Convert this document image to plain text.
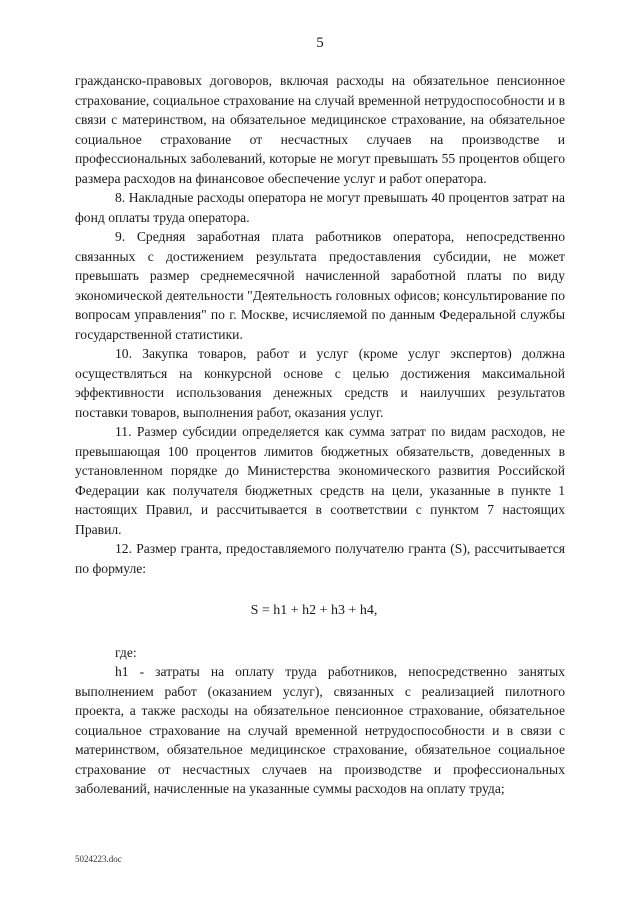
5

гражданско-правовых договоров, включая расходы на обязательное пенсионное страхование, социальное страхование на случай временной нетрудоспособности и в связи с материнством, на обязательное медицинское страхование, на обязательное социальное страхование от несчастных случаев на производстве и профессиональных заболеваний, которые не могут превышать 55 процентов общего размера расходов на финансовое обеспечение услуг и работ оператора.

8. Накладные расходы оператора не могут превышать 40 процентов затрат на фонд оплаты труда оператора.

9. Средняя заработная плата работников оператора, непосредственно связанных с достижением результата предоставления субсидии, не может превышать размер среднемесячной начисленной заработной платы по виду экономической деятельности "Деятельность головных офисов; консультирование по вопросам управления" по г. Москве, исчисляемой по данным Федеральной службы государственной статистики.

10. Закупка товаров, работ и услуг (кроме услуг экспертов) должна осуществляться на конкурсной основе с целью достижения максимальной эффективности использования денежных средств и наилучших результатов поставки товаров, выполнения работ, оказания услуг.

11. Размер субсидии определяется как сумма затрат по видам расходов, не превышающая 100 процентов лимитов бюджетных обязательств, доведенных в установленном порядке до Министерства экономического развития Российской Федерации как получателя бюджетных средств на цели, указанные в пункте 1 настоящих Правил, и рассчитывается в соответствии с пунктом 7 настоящих Правил.

12. Размер гранта, предоставляемого получателю гранта (S), рассчитывается по формуле:

S = h1 + h2 + h3 + h4,

где:

h1 - затраты на оплату труда работников, непосредственно занятых выполнением работ (оказанием услуг), связанных с реализацией пилотного проекта, а также расходы на обязательное пенсионное страхование, обязательное социальное страхование на случай временной нетрудоспособности и в связи с материнством, обязательное медицинское страхование, обязательное социальное страхование от несчастных случаев на производстве и профессиональных заболеваний, начисленные на указанные суммы расходов на оплату труда;

5024223.doc
